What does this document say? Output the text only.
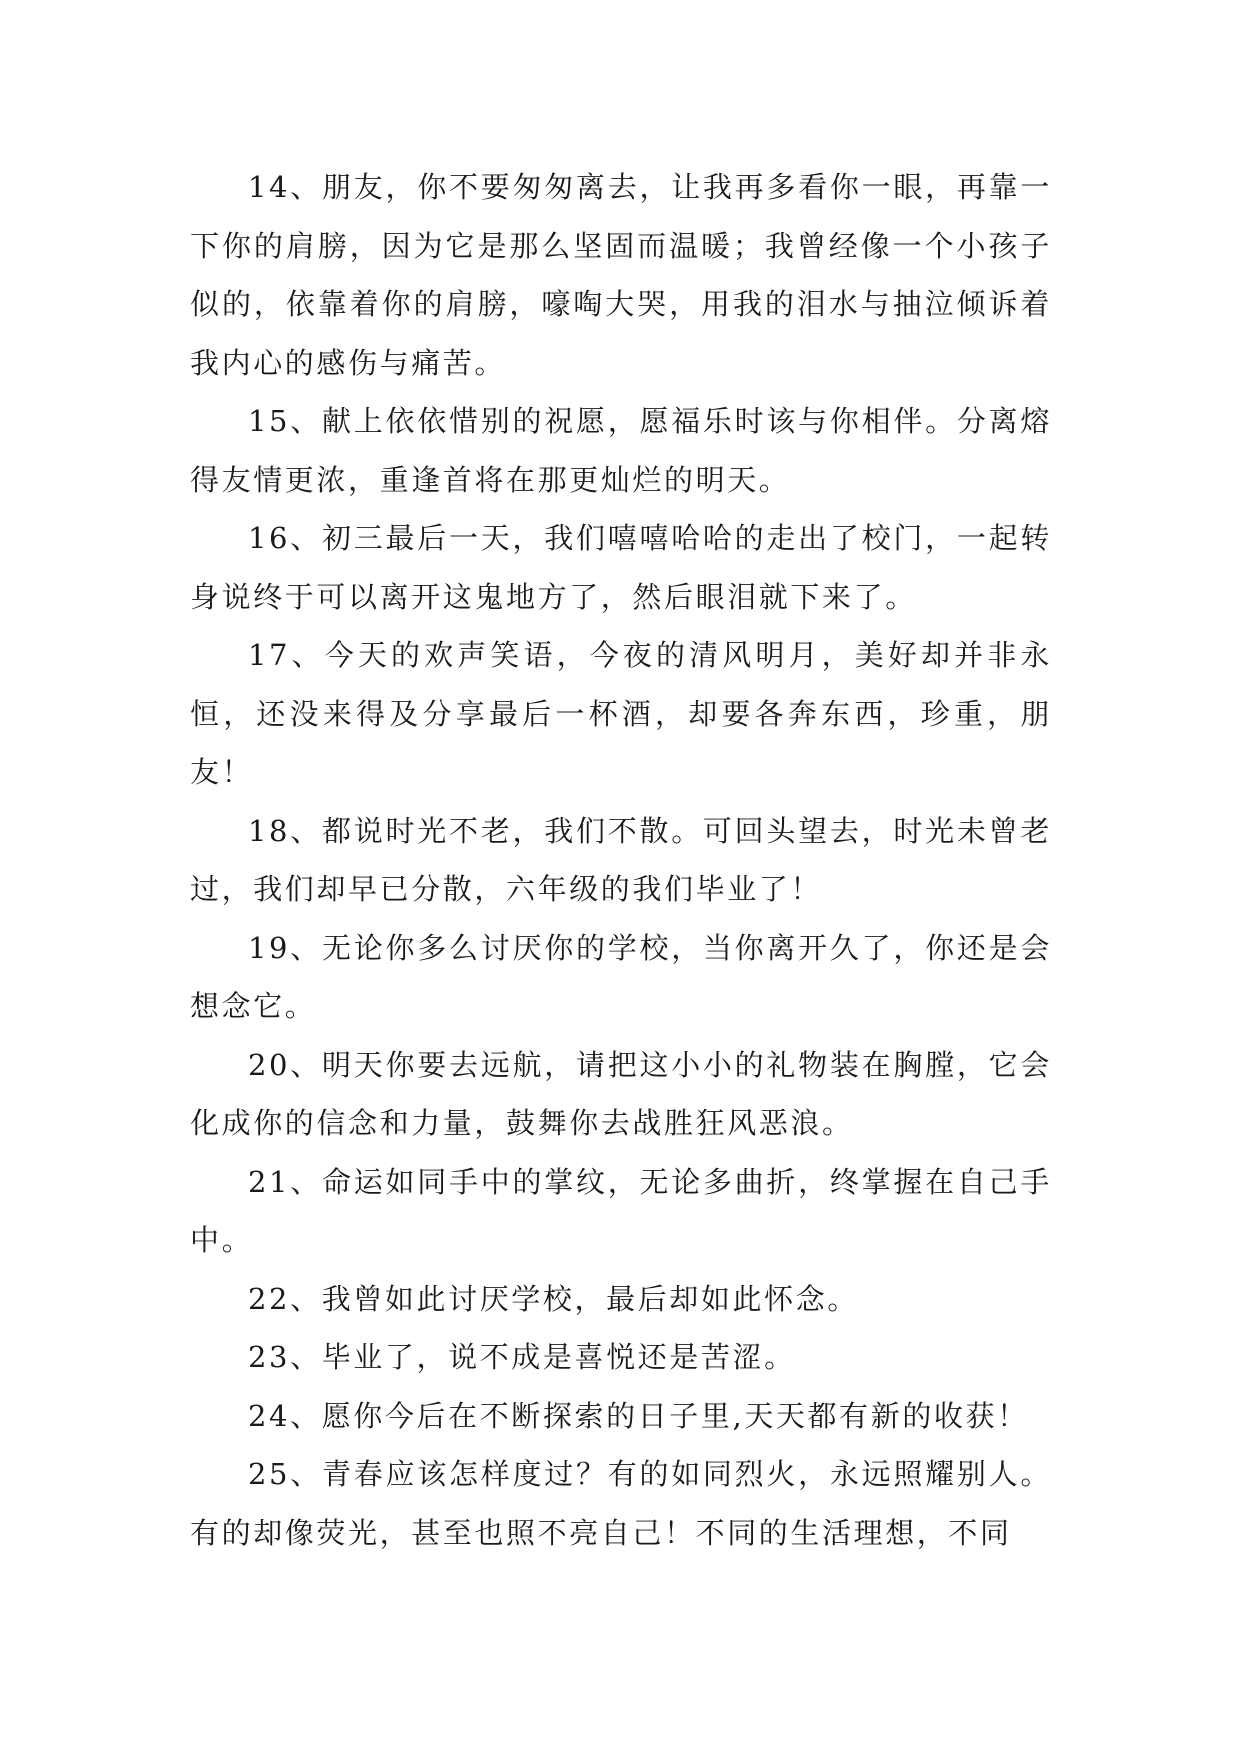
14、朋友，你不要匆匆离去，让我再多看你一眼，再靠一下你的肩膀，因为它是那么坚固而温暖；我曾经像一个小孩子似的，依靠着你的肩膀，嚎啕大哭，用我的泪水与抽泣倾诉着我内心的感伤与痛苦。

15、献上依依惜别的祝愿，愿福乐时该与你相伴。分离熔得友情更浓，重逢首将在那更灿烂的明天。

16、初三最后一天，我们嘻嘻哈哈的走出了校门，一起转身说终于可以离开这鬼地方了，然后眼泪就下来了。

17、今天的欢声笑语，今夜的清风明月，美好却并非永恒，还没来得及分享最后一杯酒，却要各奔东西，珍重，朋友！

18、都说时光不老，我们不散。可回头望去，时光未曾老过，我们却早已分散，六年级的我们毕业了！

19、无论你多么讨厌你的学校，当你离开久了，你还是会想念它。

20、明天你要去远航，请把这小小的礼物装在胸膛，它会化成你的信念和力量，鼓舞你去战胜狂风恶浪。

21、命运如同手中的掌纹，无论多曲折，终掌握在自己手中。

22、我曾如此讨厌学校，最后却如此怀念。

23、毕业了，说不成是喜悦还是苦涩。

24、愿你今后在不断探索的日子里,天天都有新的收获！

25、青春应该怎样度过？有的如同烈火，永远照耀别人。有的却像荧光，甚至也照不亮自己！不同的生活理想，不同
